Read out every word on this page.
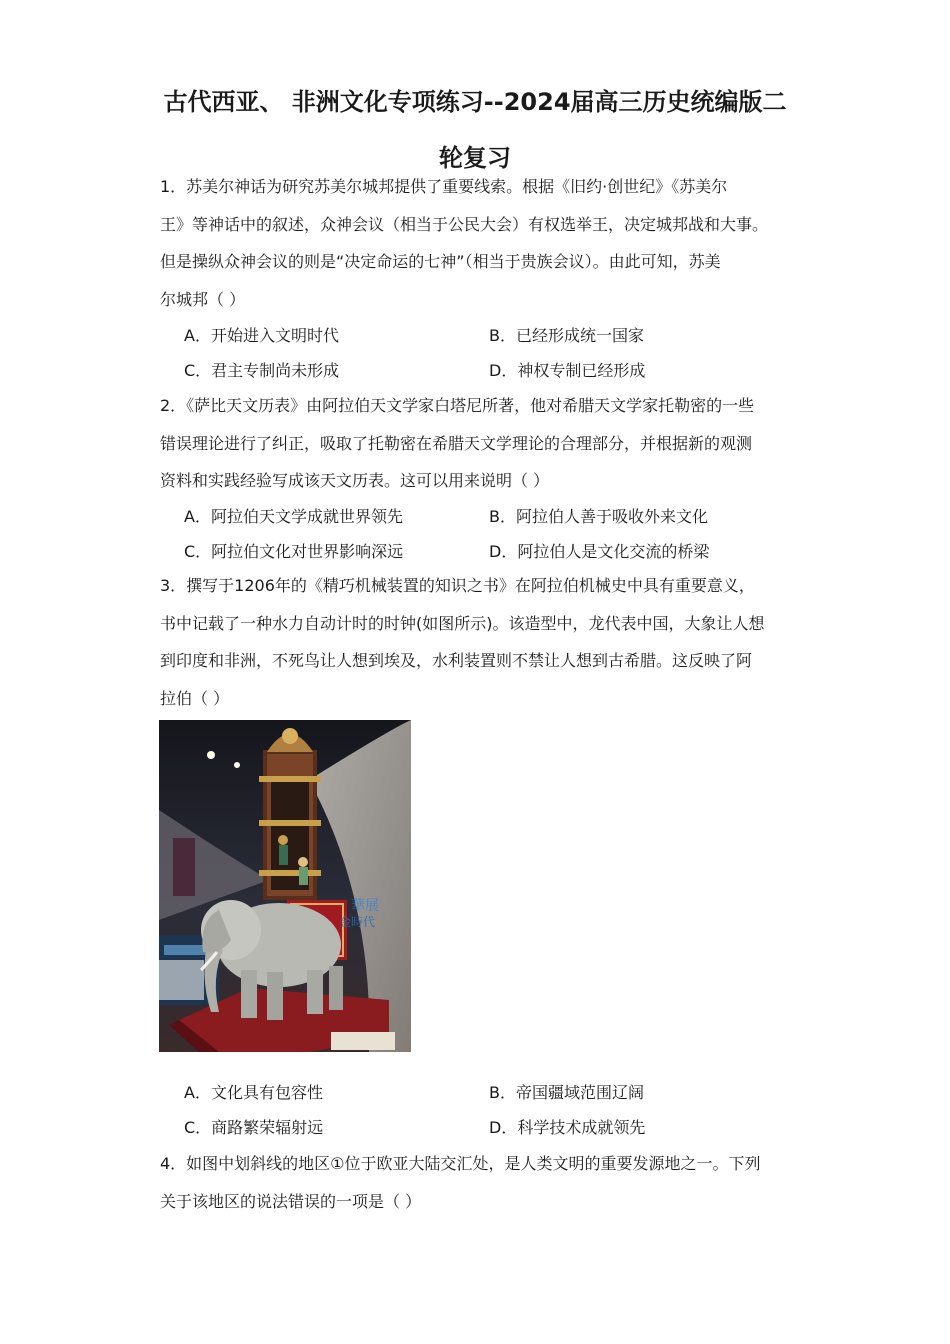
古代西亚、 非洲文化专项练习--2024届高三历史统编版二
轮复习

1．苏美尔神话为研究苏美尔城邦提供了重要线索。根据《旧约·创世纪》《苏美尔

王》等神话中的叙述，众神会议（相当于公民大会）有权选举王，决定城邦战和大事。

但是操纵众神会议的则是“决定命运的七神”（相当于贵族会议）。由此可知，苏美

尔城邦（ ）

A．开始进入文明时代	B．已经形成统一国家
C．君主专制尚未形成	D．神权专制已经形成

2．《萨比天文历表》由阿拉伯天文学家白塔尼所著，他对希腊天文学家托勒密的一些

错误理论进行了纠正，吸取了托勒密在希腊天文学理论的合理部分，并根据新的观测

资料和实践经验写成该天文历表。这可以用来说明（ ）

A．阿拉伯天文学成就世界领先	B．阿拉伯人善于吸收外来文化
C．阿拉伯文化对世界影响深远	D．阿拉伯人是文化交流的桥梁

3．撰写于1206年的《精巧机械装置的知识之书》在阿拉伯机械史中具有重要意义，

书中记载了一种水力自动计时的时钟(如图所示)。该造型中，龙代表中国，大象让人想

到印度和非洲，不死鸟让人想到埃及，水利装置则不禁让人想到古希腊。这反映了阿

拉伯（ ）

華展
金時代
A．文化具有包容性	B．帝国疆域范围辽阔
C．商路繁荣辐射远	D．科学技术成就领先

4．如图中划斜线的地区①位于欧亚大陆交汇处，是人类文明的重要发源地之一。下列

关于该地区的说法错误的一项是（ ）
